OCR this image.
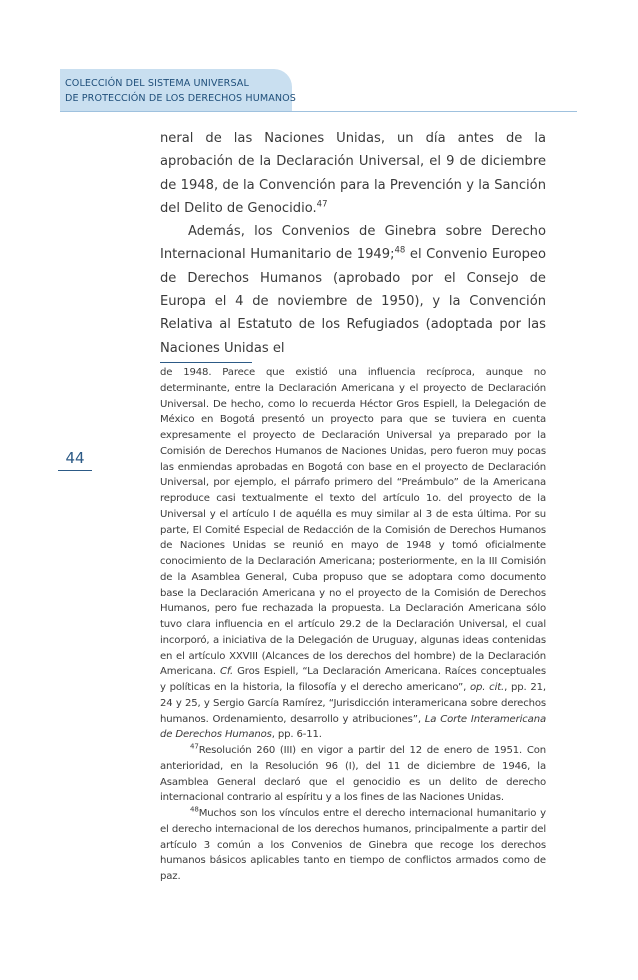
COLECCIÓN DEL SISTEMA UNIVERSAL
DE PROTECCIÓN DE LOS DERECHOS HUMANOS
44

neral de las Naciones Unidas, un día antes de la aprobación de la Declaración Universal, el 9 de diciembre de 1948, de la Convención para la Prevención y la Sanción del Delito de Genocidio.$^{47}$

Además, los Convenios de Ginebra sobre Derecho Internacional Humanitario de 1949;$^{48}$ el Convenio Europeo de Derechos Humanos (aprobado por el Consejo de Europa el 4 de noviembre de 1950), y la Convención Relativa al Estatuto de los Refugiados (adoptada por las Naciones Unidas el

de 1948. Parece que existió una influencia recíproca, aunque no determinante, entre la Declaración Americana y el proyecto de Declaración Universal. De hecho, como lo recuerda Héctor Gros Espiell, la Delegación de México en Bogotá presentó un proyecto para que se tuviera en cuenta expresamente el proyecto de Declaración Universal ya preparado por la Comisión de Derechos Humanos de Naciones Unidas, pero fueron muy pocas las enmiendas aprobadas en Bogotá con base en el proyecto de Declaración Universal, por ejemplo, el párrafo primero del “Preámbulo” de la Americana reproduce casi textualmente el texto del artículo 1o. del proyecto de la Universal y el artículo I de aquélla es muy similar al 3 de esta última. Por su parte, El Comité Especial de Redacción de la Comisión de Derechos Humanos de Naciones Unidas se reunió en mayo de 1948 y tomó oficialmente conocimiento de la Declaración Americana; posteriormente, en la III Comisión de la Asamblea General, Cuba propuso que se adoptara como documento base la Declaración Americana y no el proyecto de la Comisión de Derechos Humanos, pero fue rechazada la propuesta. La Declaración Americana sólo tuvo clara influencia en el artículo 29.2 de la Declaración Universal, el cual incorporó, a iniciativa de la Delegación de Uruguay, algunas ideas contenidas en el artículo XXVIII (Alcances de los derechos del hombre) de la Declaración Americana. Cf. Gros Espiell, “La Declaración Americana. Raíces conceptuales y políticas en la historia, la filosofía y el derecho americano”, op. cit., pp. 21, 24 y 25, y Sergio García Ramírez, “Jurisdicción interamericana sobre derechos humanos. Ordenamiento, desarrollo y atribuciones”, La Corte Interamericana de Derechos Humanos, pp. 6-11.

$^{47}$Resolución 260 (III) en vigor a partir del 12 de enero de 1951. Con anterioridad, en la Resolución 96 (I), del 11 de diciembre de 1946, la Asamblea General declaró que el genocidio es un delito de derecho internacional contrario al espíritu y a los fines de las Naciones Unidas.

$^{48}$Muchos son los vínculos entre el derecho internacional humanitario y el derecho internacional de los derechos humanos, principalmente a partir del artículo 3 común a los Convenios de Ginebra que recoge los derechos humanos básicos aplicables tanto en tiempo de conflictos armados como de paz.
